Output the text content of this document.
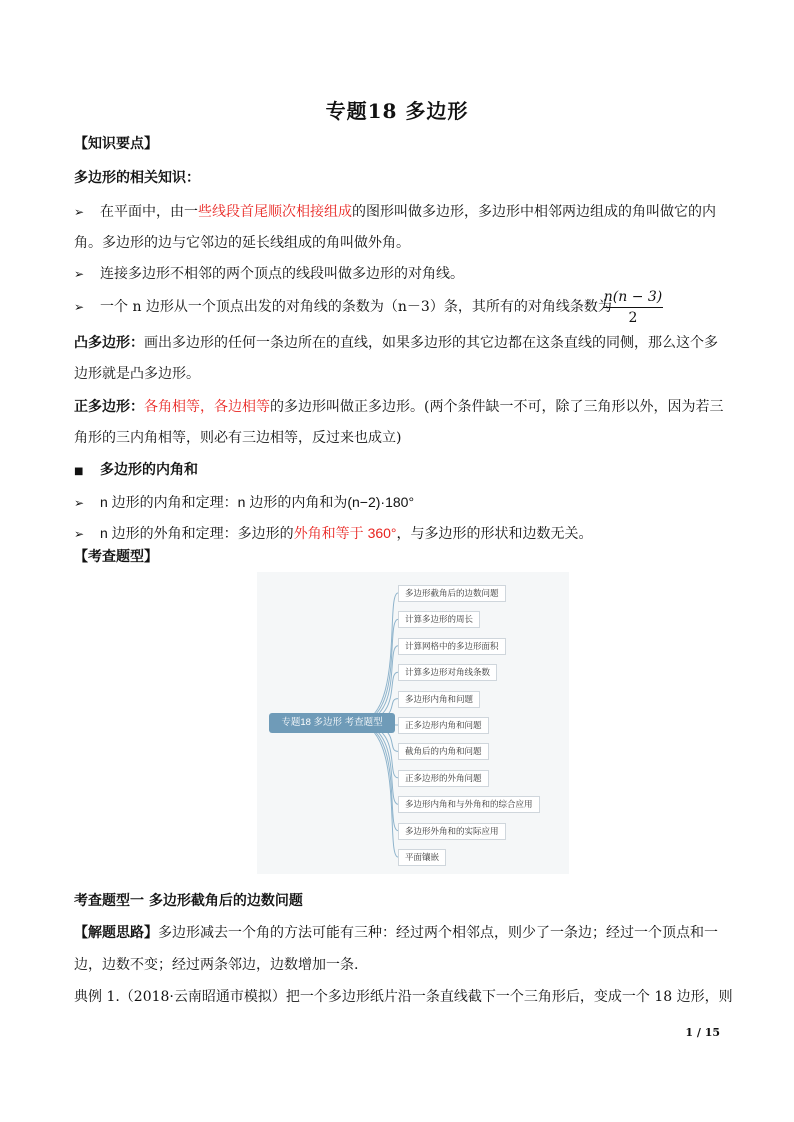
专题18 多边形
【知识要点】
多边形的相关知识：
➢ 在平面中，由一些线段首尾顺次相接组成的图形叫做多边形，多边形中相邻两边组成的角叫做它的内
角。多边形的边与它邻边的延长线组成的角叫做外角。
➢ 连接多边形不相邻的两个顶点的线段叫做多边形的对角线。
➢ 一个 n 边形从一个顶点出发的对角线的条数为（n－3）条，其所有的对角线条数为
n(n − 3)
2
凸多边形：画出多边形的任何一条边所在的直线，如果多边形的其它边都在这条直线的同侧，那么这个多
边形就是凸多边形。
正多边形：各角相等，各边相等的多边形叫做正多边形。(两个条件缺一不可，除了三角形以外，因为若三
角形的三内角相等，则必有三边相等，反过来也成立)
■ 多边形的内角和
➢ n 边形的内角和定理：n 边形的内角和为(n−2)·180°
➢ n 边形的外角和定理：多边形的外角和等于 360°，与多边形的形状和边数无关。
【考查题型】
专题18 多边形 考查题型
多边形截角后的边数问题
计算多边形的周长
计算网格中的多边形面积
计算多边形对角线条数
多边形内角和问题
正多边形内角和问题
截角后的内角和问题
正多边形的外角问题
多边形内角和与外角和的综合应用
多边形外角和的实际应用
平面镶嵌
考查题型一 多边形截角后的边数问题
【解题思路】多边形减去一个角的方法可能有三种：经过两个相邻点，则少了一条边；经过一个顶点和一
边，边数不变；经过两条邻边，边数增加一条.
典例 1.（2018·云南昭通市模拟）把一个多边形纸片沿一条直线截下一个三角形后，变成一个 18 边形，则
1 / 15
